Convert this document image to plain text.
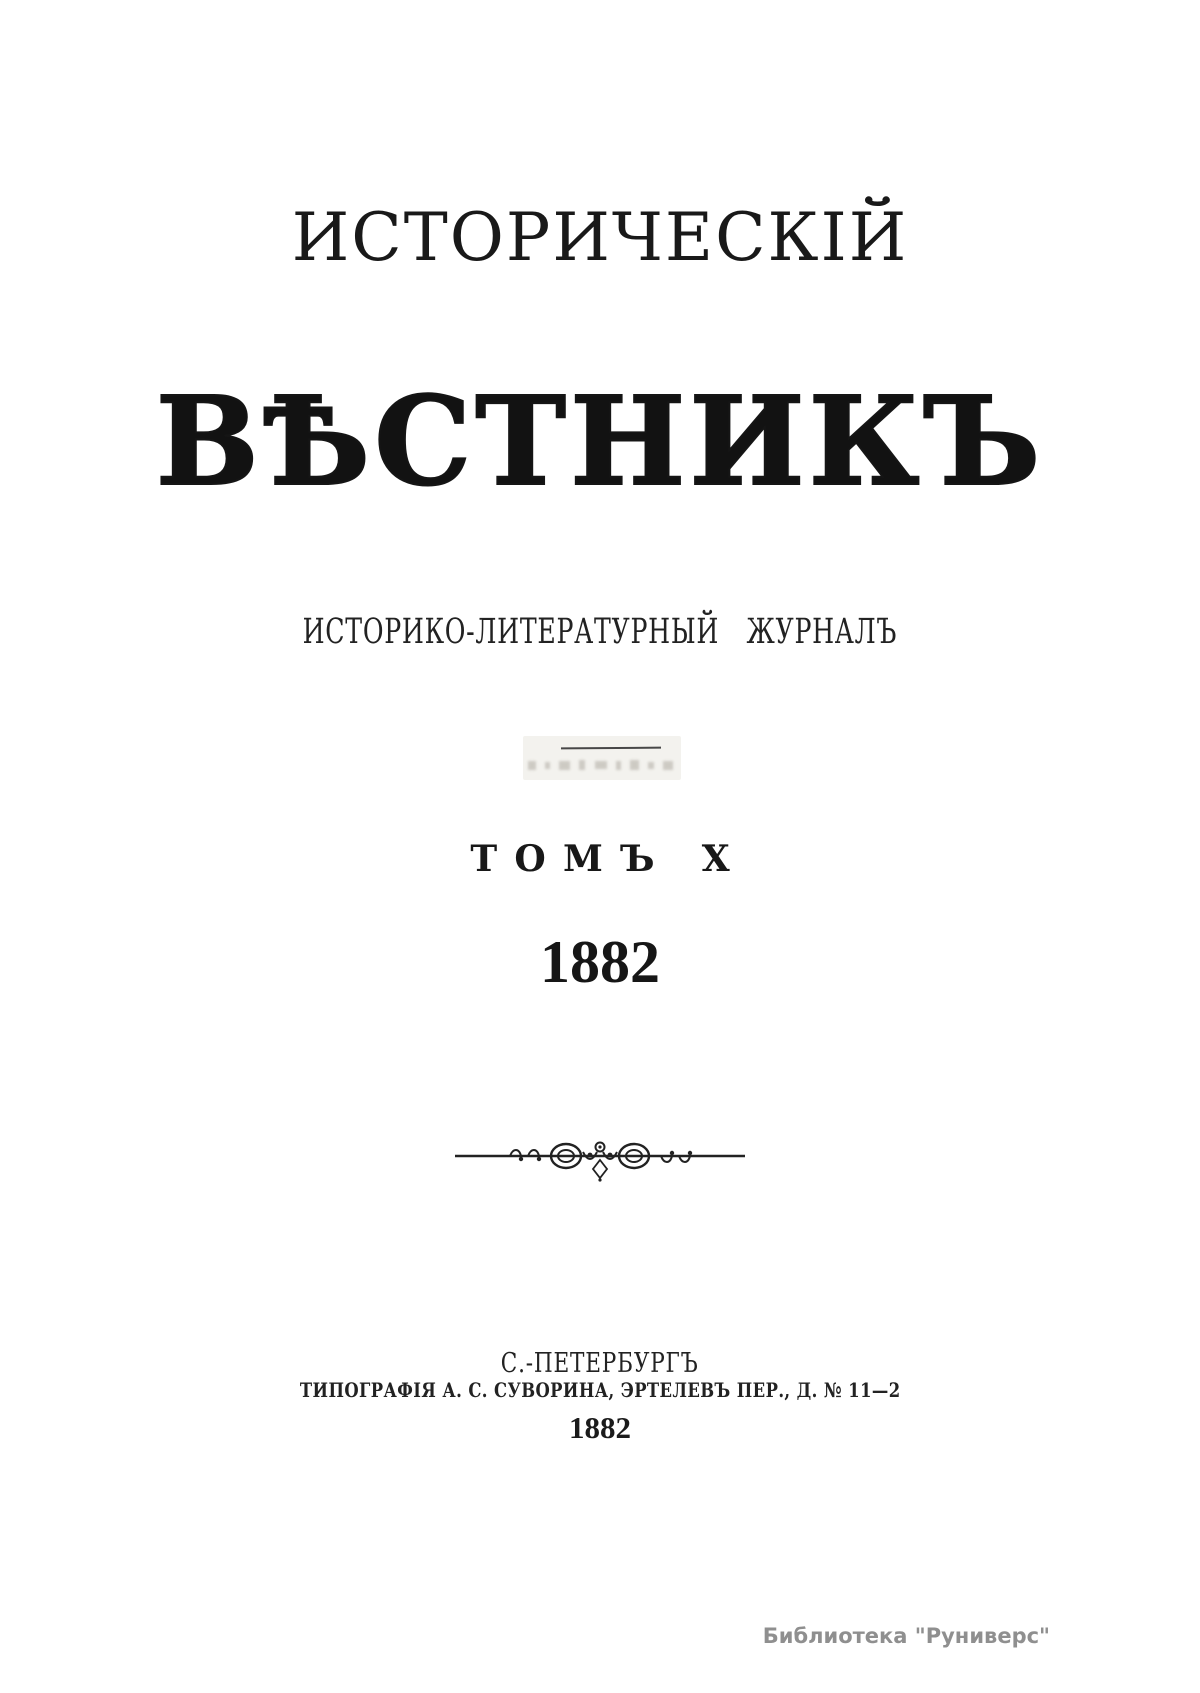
ИСТОРИЧЕСКІЙ
ВѢСТНИКЪ
ИСТОРИКО-ЛИТЕРАТУРНЫЙ ЖУРНАЛЪ
ТОМЪ X
1882
С.-ПЕТЕРБУРГЪ
ТИПОГРАФІЯ А. С. СУВОРИНА, ЭРТЕЛЕВЪ ПЕР., Д. № 11—2
1882
Библиотека "Руниверс"
